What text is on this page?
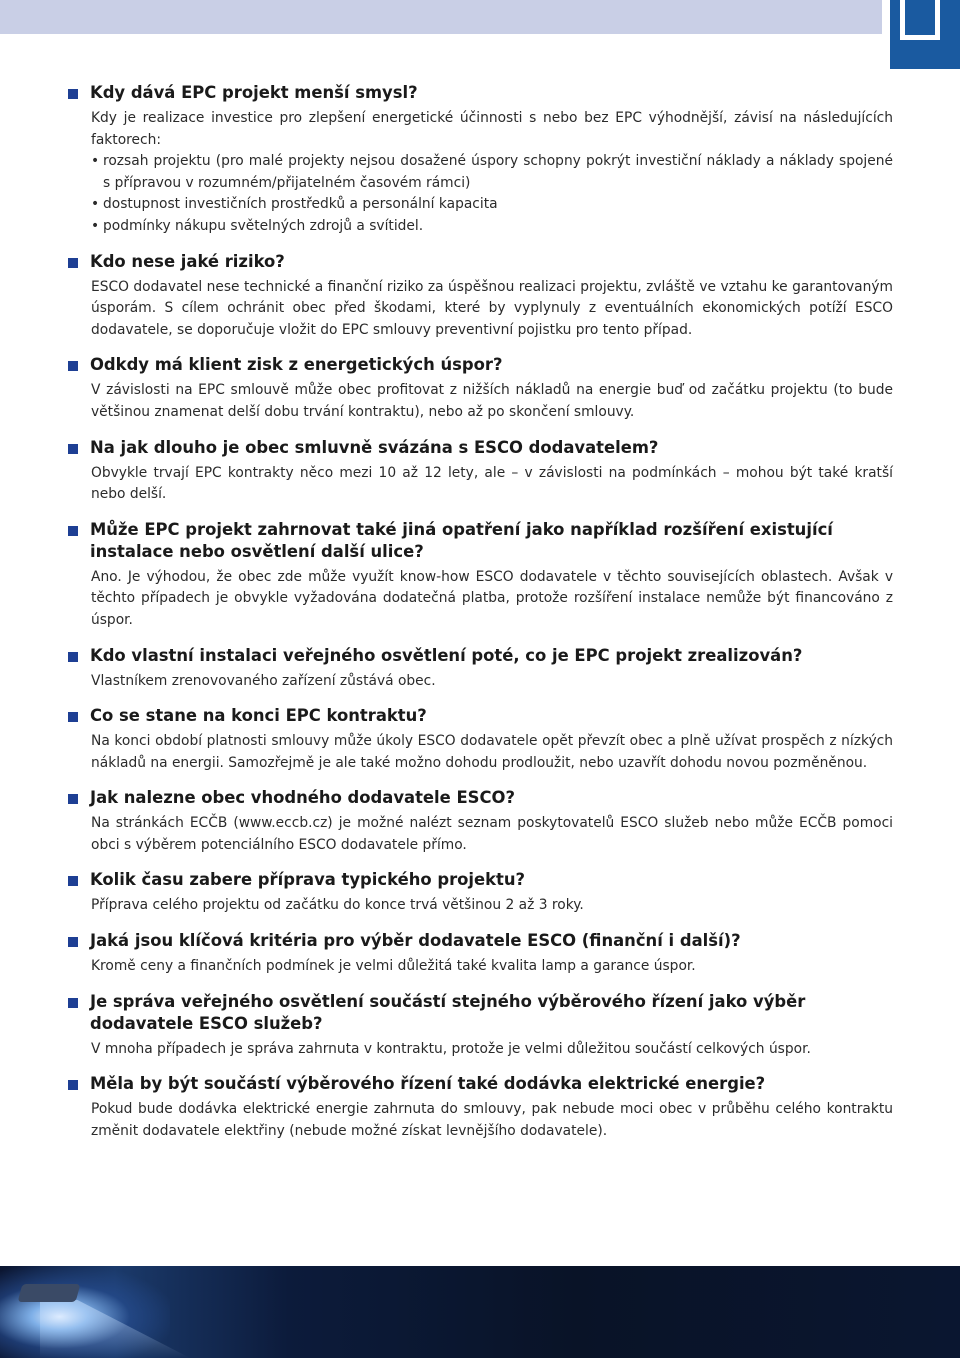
Kdy dává EPC projekt menší smysl?
Kdy je realizace investice pro zlepšení energetické účinnosti s nebo bez EPC výhodnější, závisí na následujících faktorech:
• rozsah projektu (pro malé projekty nejsou dosažené úspory schopny pokrýt investiční náklady a náklady spojené s přípravou v rozumném/přijatelném časovém rámci)
• dostupnost investičních prostředků a personální kapacita
• podmínky nákupu světelných zdrojů a svítidel.
Kdo nese jaké riziko?
ESCO dodavatel nese technické a finanční riziko za úspěšnou realizaci projektu, zvláště ve vztahu ke garantovaným úsporám. S cílem ochránit obec před škodami, které by vyplynuly z eventuálních ekonomických potíží ESCO dodavatele, se doporučuje vložit do EPC smlouvy preventivní pojistku pro tento případ.
Odkdy má klient zisk z energetických úspor?
V závislosti na EPC smlouvě může obec profitovat z nižších nákladů na energie buď od začátku projektu (to bude většinou znamenat delší dobu trvání kontraktu), nebo až po skončení smlouvy.
Na jak dlouho je obec smluvně svázána s ESCO dodavatelem?
Obvykle trvají EPC kontrakty něco mezi 10 až 12 lety, ale – v závislosti na podmínkách – mohou být také kratší nebo delší.
Může EPC projekt zahrnovat také jiná opatření jako například rozšíření existující instalace nebo osvětlení další ulice?
Ano. Je výhodou, že obec zde může využít know-how ESCO dodavatele v těchto souvisejících oblastech. Avšak v těchto případech je obvykle vyžadována dodatečná platba, protože rozšíření instalace nemůže být financováno z úspor.
Kdo vlastní instalaci veřejného osvětlení poté, co je EPC projekt zrealizován?
Vlastníkem zrenovovaného zařízení zůstává obec.
Co se stane na konci EPC kontraktu?
Na konci období platnosti smlouvy může úkoly ESCO dodavatele opět převzít obec a plně užívat prospěch z nízkých nákladů na energii. Samozřejmě je ale také možno dohodu prodloužit, nebo uzavřít dohodu novou pozměněnou.
Jak nalezne obec vhodného dodavatele ESCO?
Na stránkách ECČB (www.eccb.cz) je možné nalézt seznam poskytovatelů ESCO služeb nebo může ECČB pomoci obci s výběrem potenciálního ESCO dodavatele přímo.
Kolik času zabere příprava typického projektu?
Příprava celého projektu od začátku do konce trvá většinou 2 až 3 roky.
Jaká jsou klíčová kritéria pro výběr dodavatele ESCO (finanční i další)?
Kromě ceny a finančních podmínek je velmi důležitá také kvalita lamp a garance úspor.
Je správa veřejného osvětlení součástí stejného výběrového řízení jako výběr dodavatele ESCO služeb?
V mnoha případech je správa zahrnuta v kontraktu, protože je velmi důležitou součástí celkových úspor.
Měla by být součástí výběrového řízení také dodávka elektrické energie?
Pokud bude dodávka elektrické energie zahrnuta do smlouvy, pak nebude moci obec v průběhu celého kontraktu změnit dodavatele elektřiny (nebude možné získat levnějšího dodavatele).
